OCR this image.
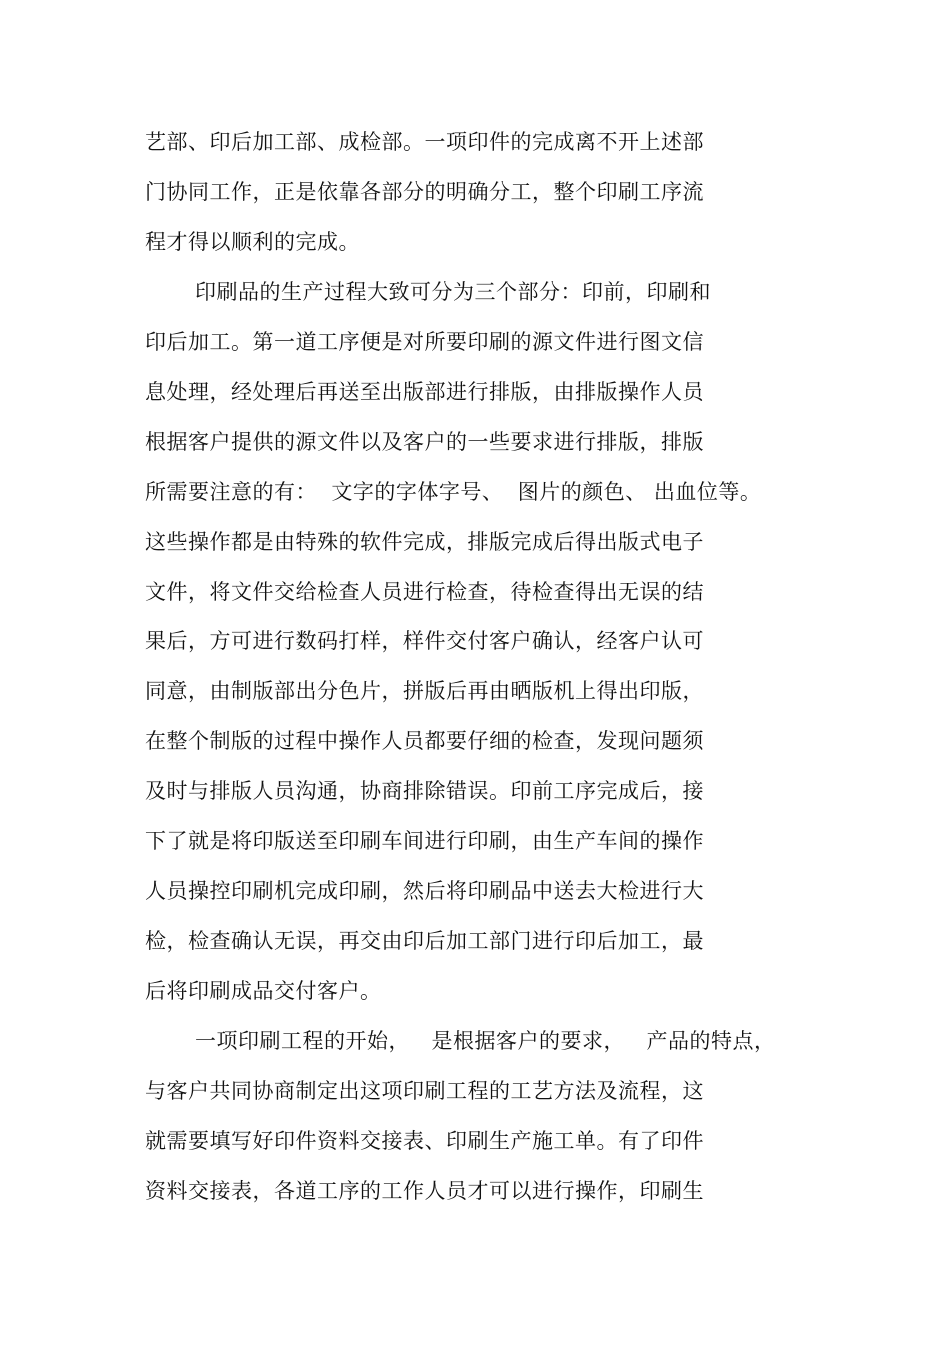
艺部、印后加工部、成检部。一项印件的完成离不开上述部
门协同工作，正是依靠各部分的明确分工，整个印刷工序流
程才得以顺利的完成。
印刷品的生产过程大致可分为三个部分：印前，印刷和
印后加工。第一道工序便是对所要印刷的源文件进行图文信
息处理，经处理后再送至出版部进行排版，由排版操作人员
根据客户提供的源文件以及客户的一些要求进行排版，排版
所需要注意的有：  文字的字体字号、  图片的颜色、 出血位等。
这些操作都是由特殊的软件完成，排版完成后得出版式电子
文件，将文件交给检查人员进行检查，待检查得出无误的结
果后，方可进行数码打样，样件交付客户确认，经客户认可
同意，由制版部出分色片，拼版后再由晒版机上得出印版，
在整个制版的过程中操作人员都要仔细的检查，发现问题须
及时与排版人员沟通，协商排除错误。印前工序完成后，接
下了就是将印版送至印刷车间进行印刷，由生产车间的操作
人员操控印刷机完成印刷，然后将印刷品中送去大检进行大
检，检查确认无误，再交由印后加工部门进行印后加工，最
后将印刷成品交付客户。
一项印刷工程的开始，   是根据客户的要求，   产品的特点，
与客户共同协商制定出这项印刷工程的工艺方法及流程，这
就需要填写好印件资料交接表、印刷生产施工单。有了印件
资料交接表，各道工序的工作人员才可以进行操作，印刷生
